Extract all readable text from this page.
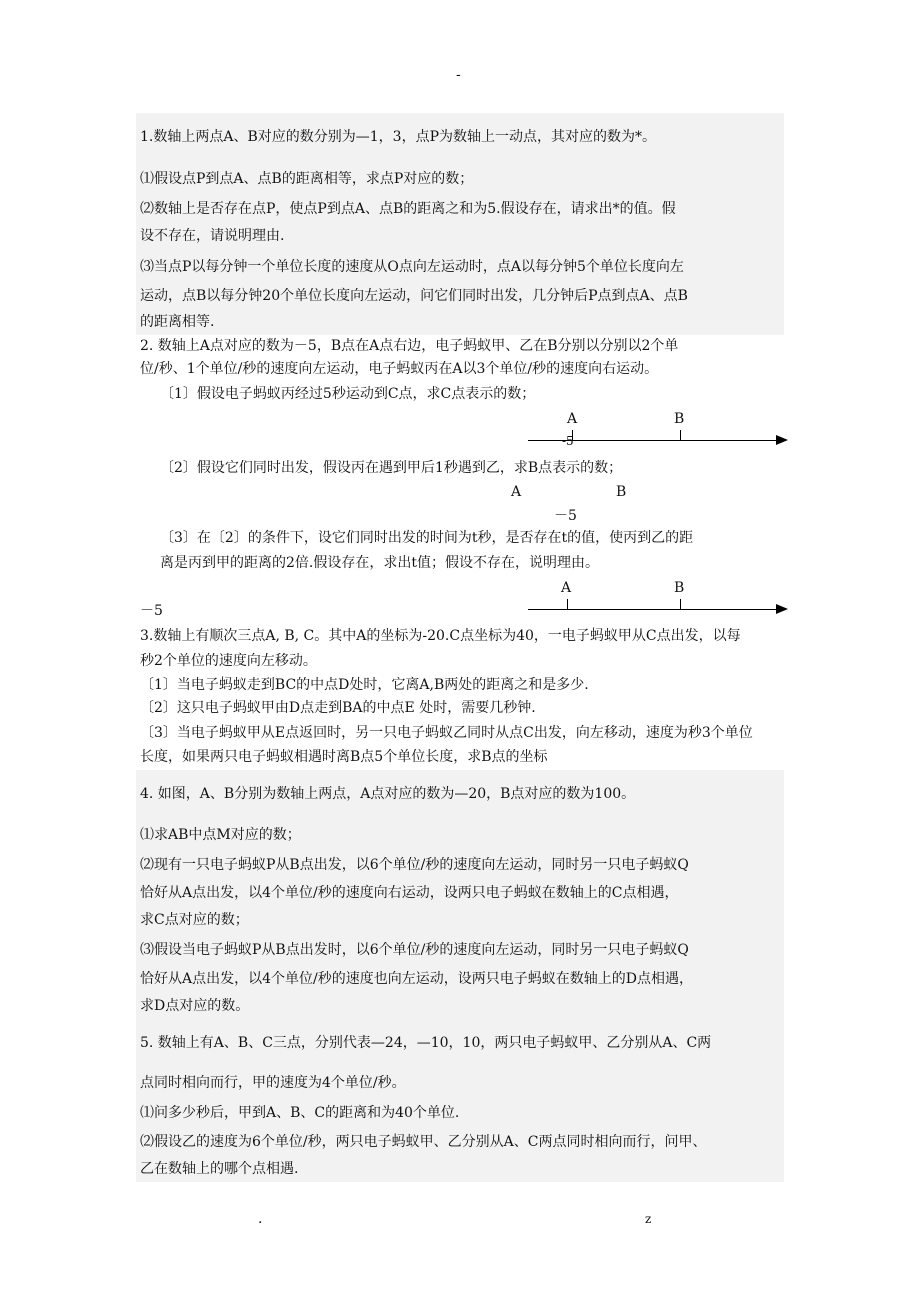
-
.	z
1.数轴上两点A、B对应的数分别为—1，3，点P为数轴上一动点，其对应的数为*。
⑴假设点P到点A、点B的距离相等，求点P对应的数；
⑵数轴上是否存在点P，使点P到点A、点B的距离之和为5.假设存在，请求出*的值。假
设不存在，请说明理由.
⑶当点P以每分钟一个单位长度的速度从O点向左运动时，点A以每分钟5个单位长度向左
运动，点B以每分钟20个单位长度向左运动，问它们同时出发，几分钟后P点到点A、点B
的距离相等.
2. 数轴上A点对应的数为－5，B点在A点右边，电子蚂蚁甲、乙在B分别以分别以2个单
位/秒、1个单位/秒的速度向左运动，电子蚂蚁丙在A以3个单位/秒的速度向右运动。
〔1〕假设电子蚂蚁丙经过5秒运动到C点，求C点表示的数；
A	B
-5
〔2〕假设它们同时出发，假设丙在遇到甲后1秒遇到乙，求B点表示的数；
A	B
－5
〔3〕在〔2〕的条件下，设它们同时出发的时间为t秒，是否存在t的值，使丙到乙的距
离是丙到甲的距离的2倍.假设存在，求出t值；假设不存在，说明理由。
A	B
－5
3.数轴上有顺次三点A, B, C。其中A的坐标为-20.C点坐标为40，一电子蚂蚁甲从C点出发，以每
秒2个单位的速度向左移动。
〔1〕当电子蚂蚁走到BC的中点D处时，它离A,B两处的距离之和是多少.
〔2〕这只电子蚂蚁甲由D点走到BA的中点E 处时，需要几秒钟.
〔3〕当电子蚂蚁甲从E点返回时，另一只电子蚂蚁乙同时从点C出发，向左移动，速度为秒3个单位
长度，如果两只电子蚂蚁相遇时离B点5个单位长度，求B点的坐标
4. 如图，A、B分别为数轴上两点，A点对应的数为—20，B点对应的数为100。
⑴求AB中点M对应的数；
⑵现有一只电子蚂蚁P从B点出发，以6个单位/秒的速度向左运动，同时另一只电子蚂蚁Q
恰好从A点出发，以4个单位/秒的速度向右运动，设两只电子蚂蚁在数轴上的C点相遇，
求C点对应的数；
⑶假设当电子蚂蚁P从B点出发时，以6个单位/秒的速度向左运动，同时另一只电子蚂蚁Q
恰好从A点出发，以4个单位/秒的速度也向左运动，设两只电子蚂蚁在数轴上的D点相遇，
求D点对应的数。
5. 数轴上有A、B、C三点，分别代表—24，—10，10，两只电子蚂蚁甲、乙分别从A、C两
点同时相向而行，甲的速度为4个单位/秒。
⑴问多少秒后，甲到A、B、C的距离和为40个单位.
⑵假设乙的速度为6个单位/秒，两只电子蚂蚁甲、乙分别从A、C两点同时相向而行，问甲、
乙在数轴上的哪个点相遇.
